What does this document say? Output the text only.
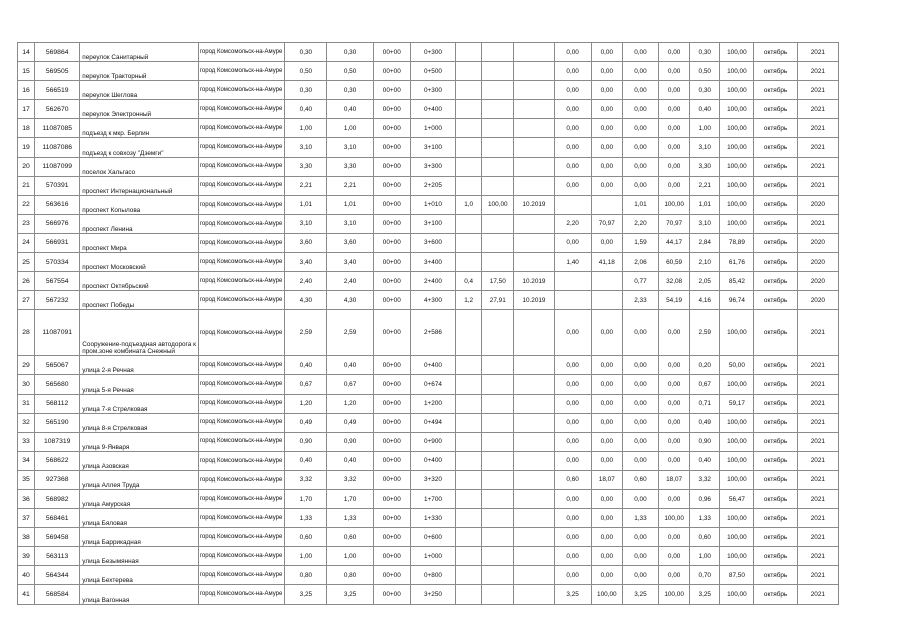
14	569864	переулок Санитарный	город Комсомольск-на-Амуре	0,30	0,30	00+00	0+300				0,00	0,00	0,00	0,00	0,30	100,00	октябрь	2021
15	569505	переулок Тракторный	город Комсомольск-на-Амуре	0,50	0,50	00+00	0+500				0,00	0,00	0,00	0,00	0,50	100,00	октябрь	2021
16	566519	переулок Шеглова	город Комсомольск-на-Амуре	0,30	0,30	00+00	0+300				0,00	0,00	0,00	0,00	0,30	100,00	октябрь	2021
17	562670	переулок Электронный	город Комсомольск-на-Амуре	0,40	0,40	00+00	0+400				0,00	0,00	0,00	0,00	0,40	100,00	октябрь	2021
18	11087085	подъезд к мкр. Берлин	город Комсомольск-на-Амуре	1,00	1,00	00+00	1+000				0,00	0,00	0,00	0,00	1,00	100,00	октябрь	2021
19	11087086	подъезд к совхозу "Дземги"	город Комсомольск-на-Амуре	3,10	3,10	00+00	3+100				0,00	0,00	0,00	0,00	3,10	100,00	октябрь	2021
20	11087099	поселок Хальгасо	город Комсомольск-на-Амуре	3,30	3,30	00+00	3+300				0,00	0,00	0,00	0,00	3,30	100,00	октябрь	2021
21	570391	проспект Интернациональный	город Комсомольск-на-Амуре	2,21	2,21	00+00	2+205				0,00	0,00	0,00	0,00	2,21	100,00	октябрь	2021
22	563616	проспект Копылова	город Комсомольск-на-Амуре	1,01	1,01	00+00	1+010	1,0	100,00	10.2019			1,01	100,00	1,01	100,00	октябрь	2020
23	566976	проспект Ленина	город Комсомольск-на-Амуре	3,10	3,10	00+00	3+100				2,20	70,97	2,20	70,97	3,10	100,00	октябрь	2021
24	566931	проспект Мира	город Комсомольск-на-Амуре	3,60	3,60	00+00	3+600				0,00	0,00	1,59	44,17	2,84	78,89	октябрь	2020
25	570334	проспект Московский	город Комсомольск-на-Амуре	3,40	3,40	00+00	3+400				1,40	41,18	2,06	60,59	2,10	61,76	октябрь	2020
26	567554	проспект Октябрьский	город Комсомольск-на-Амуре	2,40	2,40	00+00	2+400	0,4	17,50	10.2019			0,77	32,08	2,05	85,42	октябрь	2020
27	567232	проспект Победы	город Комсомольск-на-Амуре	4,30	4,30	00+00	4+300	1,2	27,91	10.2019			2,33	54,19	4,16	96,74	октябрь	2020
28	11087091	Сооружение-подъездная автодорога к пром.зоне комбината Снежный	город Комсомольск-на-Амуре	2,59	2,59	00+00	2+586				0,00	0,00	0,00	0,00	2,59	100,00	октябрь	2021
29	565067	улица 2-я Речная	город Комсомольск-на-Амуре	0,40	0,40	00+00	0+400				0,00	0,00	0,00	0,00	0,20	50,00	октябрь	2021
30	565680	улица 5-я Речная	город Комсомольск-на-Амуре	0,67	0,67	00+00	0+674				0,00	0,00	0,00	0,00	0,67	100,00	октябрь	2021
31	568112	улица 7-я Стрелковая	город Комсомольск-на-Амуре	1,20	1,20	00+00	1+200				0,00	0,00	0,00	0,00	0,71	59,17	октябрь	2021
32	565190	улица 8-я Стрелковая	город Комсомольск-на-Амуре	0,49	0,49	00+00	0+494				0,00	0,00	0,00	0,00	0,49	100,00	октябрь	2021
33	1087319	улица 9-Января	город Комсомольск-на-Амуре	0,90	0,90	00+00	0+900				0,00	0,00	0,00	0,00	0,90	100,00	октябрь	2021
34	568622	улица Азовская	город Комсомольск-на-Амуре	0,40	0,40	00+00	0+400				0,00	0,00	0,00	0,00	0,40	100,00	октябрь	2021
35	927368	улица Аллея Труда	город Комсомольск-на-Амуре	3,32	3,32	00+00	3+320				0,60	18,07	0,60	18,07	3,32	100,00	октябрь	2021
36	568982	улица Амурская	город Комсомольск-на-Амуре	1,70	1,70	00+00	1+700				0,00	0,00	0,00	0,00	0,96	56,47	октябрь	2021
37	568461	улица Бяловая	город Комсомольск-на-Амуре	1,33	1,33	00+00	1+330				0,00	0,00	1,33	100,00	1,33	100,00	октябрь	2021
38	569458	улица Баррикадная	город Комсомольск-на-Амуре	0,60	0,60	00+00	0+600				0,00	0,00	0,00	0,00	0,60	100,00	октябрь	2021
39	563113	улица Безымянная	город Комсомольск-на-Амуре	1,00	1,00	00+00	1+000				0,00	0,00	0,00	0,00	1,00	100,00	октябрь	2021
40	564344	улица Бехтерева	город Комсомольск-на-Амуре	0,80	0,80	00+00	0+800				0,00	0,00	0,00	0,00	0,70	87,50	октябрь	2021
41	568584	улица Вагонная	город Комсомольск-на-Амуре	3,25	3,25	00+00	3+250				3,25	100,00	3,25	100,00	3,25	100,00	октябрь	2021
